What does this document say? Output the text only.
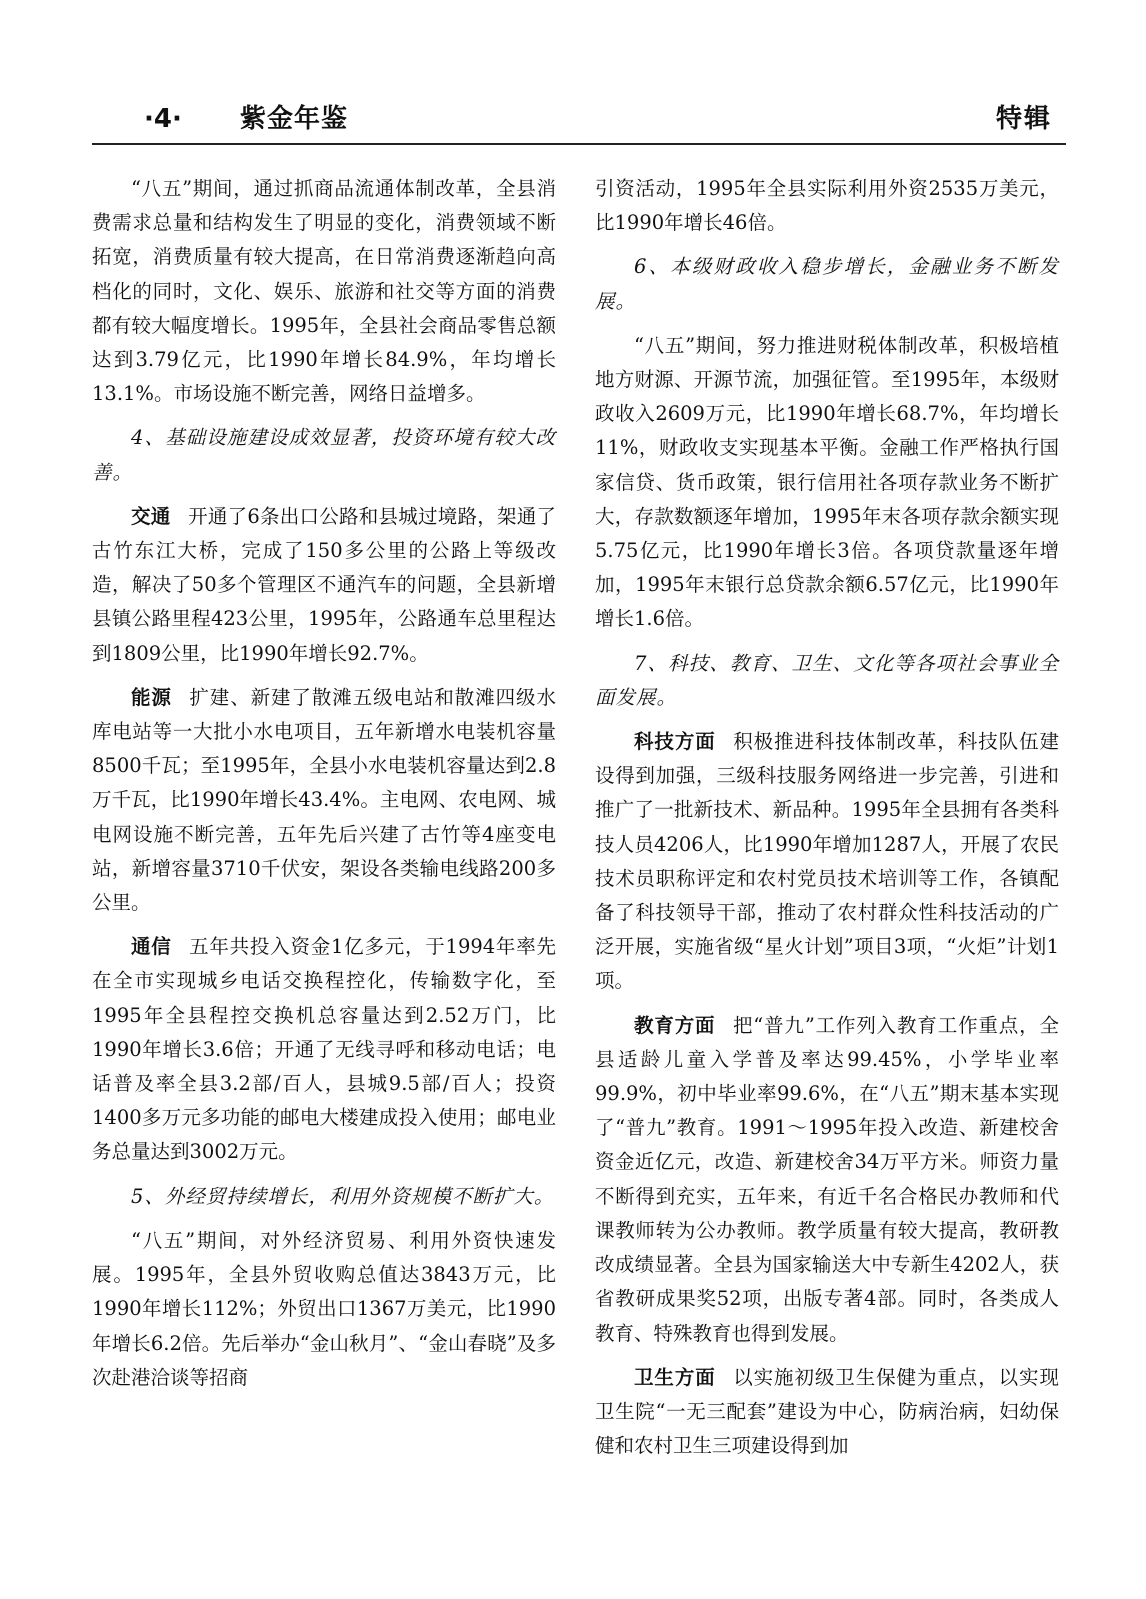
·4· 紫金年鉴	特辑

“八五”期间，通过抓商品流通体制改革，全县消费需求总量和结构发生了明显的变化，消费领域不断拓宽，消费质量有较大提高，在日常消费逐渐趋向高档化的同时，文化、娱乐、旅游和社交等方面的消费都有较大幅度增长。1995年，全县社会商品零售总额达到3.79亿元，比1990年增长84.9%，年均增长13.1%。市场设施不断完善，网络日益增多。

4、基础设施建设成效显著，投资环境有较大改善。

交通 开通了6条出口公路和县城过境路，架通了古竹东江大桥，完成了150多公里的公路上等级改造，解决了50多个管理区不通汽车的问题，全县新增县镇公路里程423公里，1995年，公路通车总里程达到1809公里，比1990年增长92.7%。

能源 扩建、新建了散滩五级电站和散滩四级水库电站等一大批小水电项目，五年新增水电装机容量8500千瓦；至1995年，全县小水电装机容量达到2.8万千瓦，比1990年增长43.4%。主电网、农电网、城电网设施不断完善，五年先后兴建了古竹等4座变电站，新增容量3710千伏安，架设各类输电线路200多公里。

通信 五年共投入资金1亿多元，于1994年率先在全市实现城乡电话交换程控化，传输数字化，至1995年全县程控交换机总容量达到2.52万门，比1990年增长3.6倍；开通了无线寻呼和移动电话；电话普及率全县3.2部/百人，县城9.5部/百人；投资1400多万元多功能的邮电大楼建成投入使用；邮电业务总量达到3002万元。

5、外经贸持续增长，利用外资规模不断扩大。

“八五”期间，对外经济贸易、利用外资快速发展。1995年，全县外贸收购总值达3843万元，比1990年增长112%；外贸出口1367万美元，比1990年增长6.2倍。先后举办“金山秋月”、“金山春晓”及多次赴港洽谈等招商

引资活动，1995年全县实际利用外资2535万美元，比1990年增长46倍。

6、本级财政收入稳步增长，金融业务不断发展。

“八五”期间，努力推进财税体制改革，积极培植地方财源、开源节流，加强征管。至1995年，本级财政收入2609万元，比1990年增长68.7%，年均增长11%，财政收支实现基本平衡。金融工作严格执行国家信贷、货币政策，银行信用社各项存款业务不断扩大，存款数额逐年增加，1995年末各项存款余额实现5.75亿元，比1990年增长3倍。各项贷款量逐年增加，1995年末银行总贷款余额6.57亿元，比1990年增长1.6倍。

7、科技、教育、卫生、文化等各项社会事业全面发展。

科技方面 积极推进科技体制改革，科技队伍建设得到加强，三级科技服务网络进一步完善，引进和推广了一批新技术、新品种。1995年全县拥有各类科技人员4206人，比1990年增加1287人，开展了农民技术员职称评定和农村党员技术培训等工作，各镇配备了科技领导干部，推动了农村群众性科技活动的广泛开展，实施省级“星火计划”项目3项，“火炬”计划1项。

教育方面 把“普九”工作列入教育工作重点，全县适龄儿童入学普及率达99.45%，小学毕业率99.9%，初中毕业率99.6%，在“八五”期末基本实现了“普九”教育。1991～1995年投入改造、新建校舍资金近亿元，改造、新建校舍34万平方米。师资力量不断得到充实，五年来，有近千名合格民办教师和代课教师转为公办教师。教学质量有较大提高，教研教改成绩显著。全县为国家输送大中专新生4202人，获省教研成果奖52项，出版专著4部。同时，各类成人教育、特殊教育也得到发展。

卫生方面 以实施初级卫生保健为重点，以实现卫生院“一无三配套”建设为中心，防病治病，妇幼保健和农村卫生三项建设得到加
